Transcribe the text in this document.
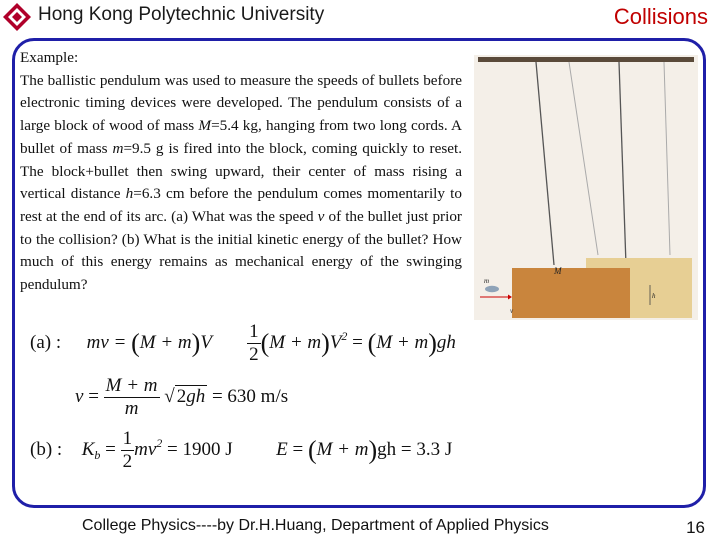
Hong Kong Polytechnic University	Collisions
Example:
The ballistic pendulum was used to measure the speeds of bullets before electronic timing devices were developed. The pendulum consists of a large block of wood of mass M=5.4 kg, hanging from two long cords. A bullet of mass m=9.5 g is fired into the block, coming quickly to reset. The block+bullet then swing upward, their center of mass rising a vertical distance h=6.3 cm before the pendulum comes momentarily to rest at the end of its arc. (a) What was the speed v of the bullet just prior to the collision? (b) What is the initial kinetic energy of the bullet? How much of this energy remains as mechanical energy of the swinging pendulum?
M
m
v
h
(a) : mv = $(M + m)V \frac{1}{2} (M + m)V^2 = (M + m)gh$
$v = \frac{M + m}{m}$ √ 2gh = 630 m/s
(b) :  $K_b = \frac{1}{2} mv^2 = 1900$ J  E = (M + m)gh = 3.3 J
College Physics----by Dr.H.Huang, Department of Applied Physics	16
